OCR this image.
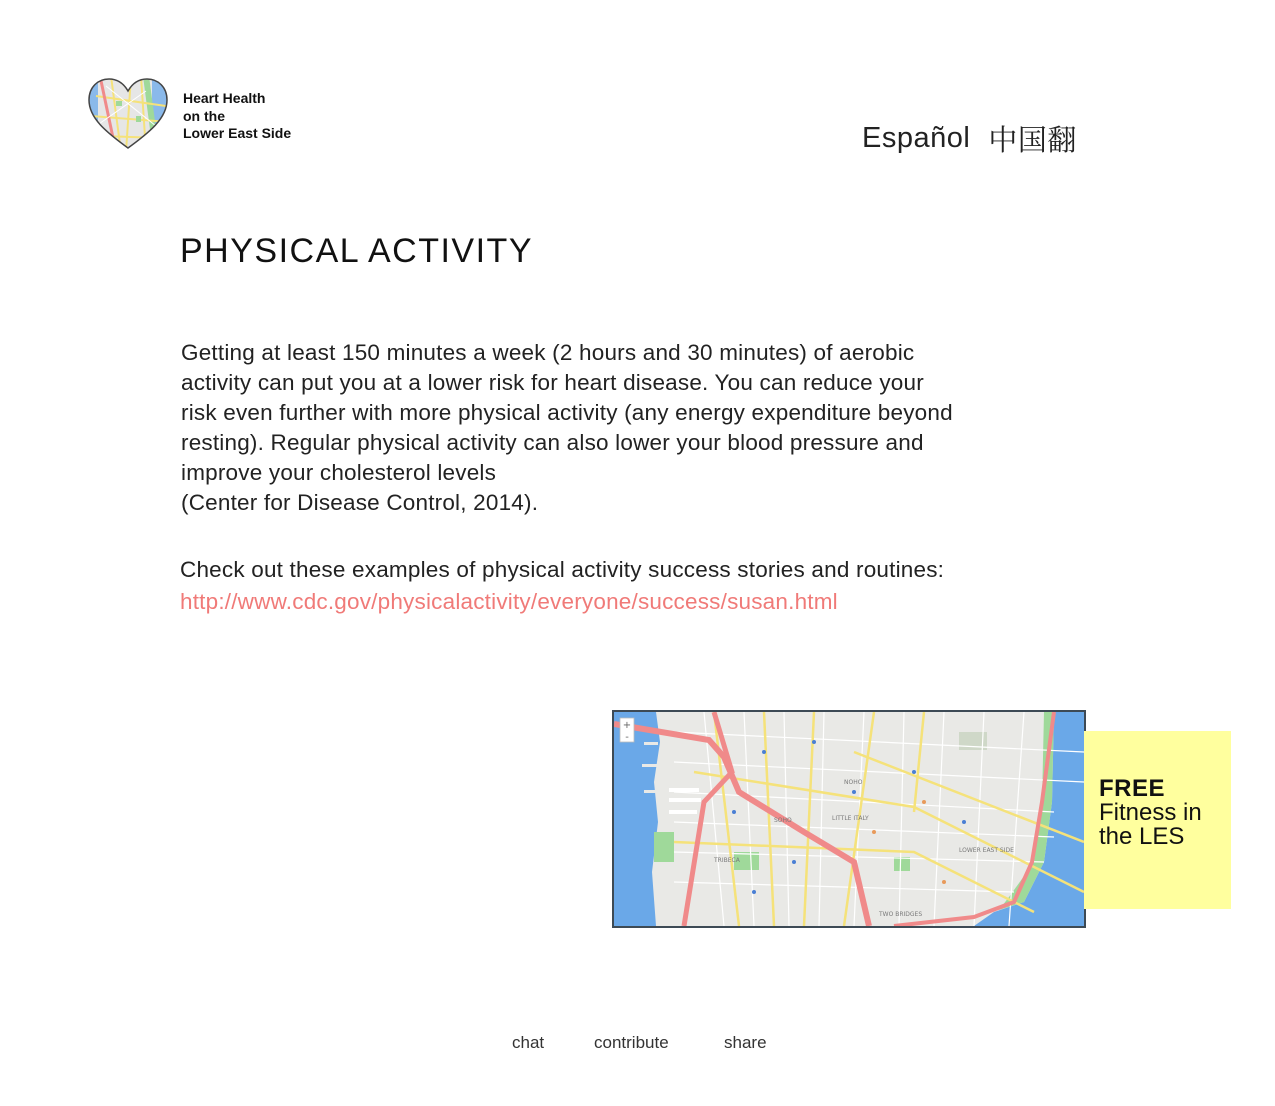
Heart Health
on the
Lower East Side	Español 中国翻
PHYSICAL ACTIVITY

Getting at least 150 minutes a week (2 hours and 30 minutes) of aerobic
activity can put you at a lower risk for heart disease. You can reduce your
risk even further with more physical activity (any energy expenditure beyond
resting). Regular physical activity can also lower your blood pressure and
improve your cholesterol levels
(Center for Disease Control, 2014).

Check out these examples of physical activity success stories and routines:
http://www.cdc.gov/physicalactivity/everyone/success/susan.html
+
-
NOHO
SOHO
TRIBECA
LITTLE ITALY
LOWER EAST SIDE
TWO BRIDGES
FREE
Fitness in the LES
chat	contribute	share
